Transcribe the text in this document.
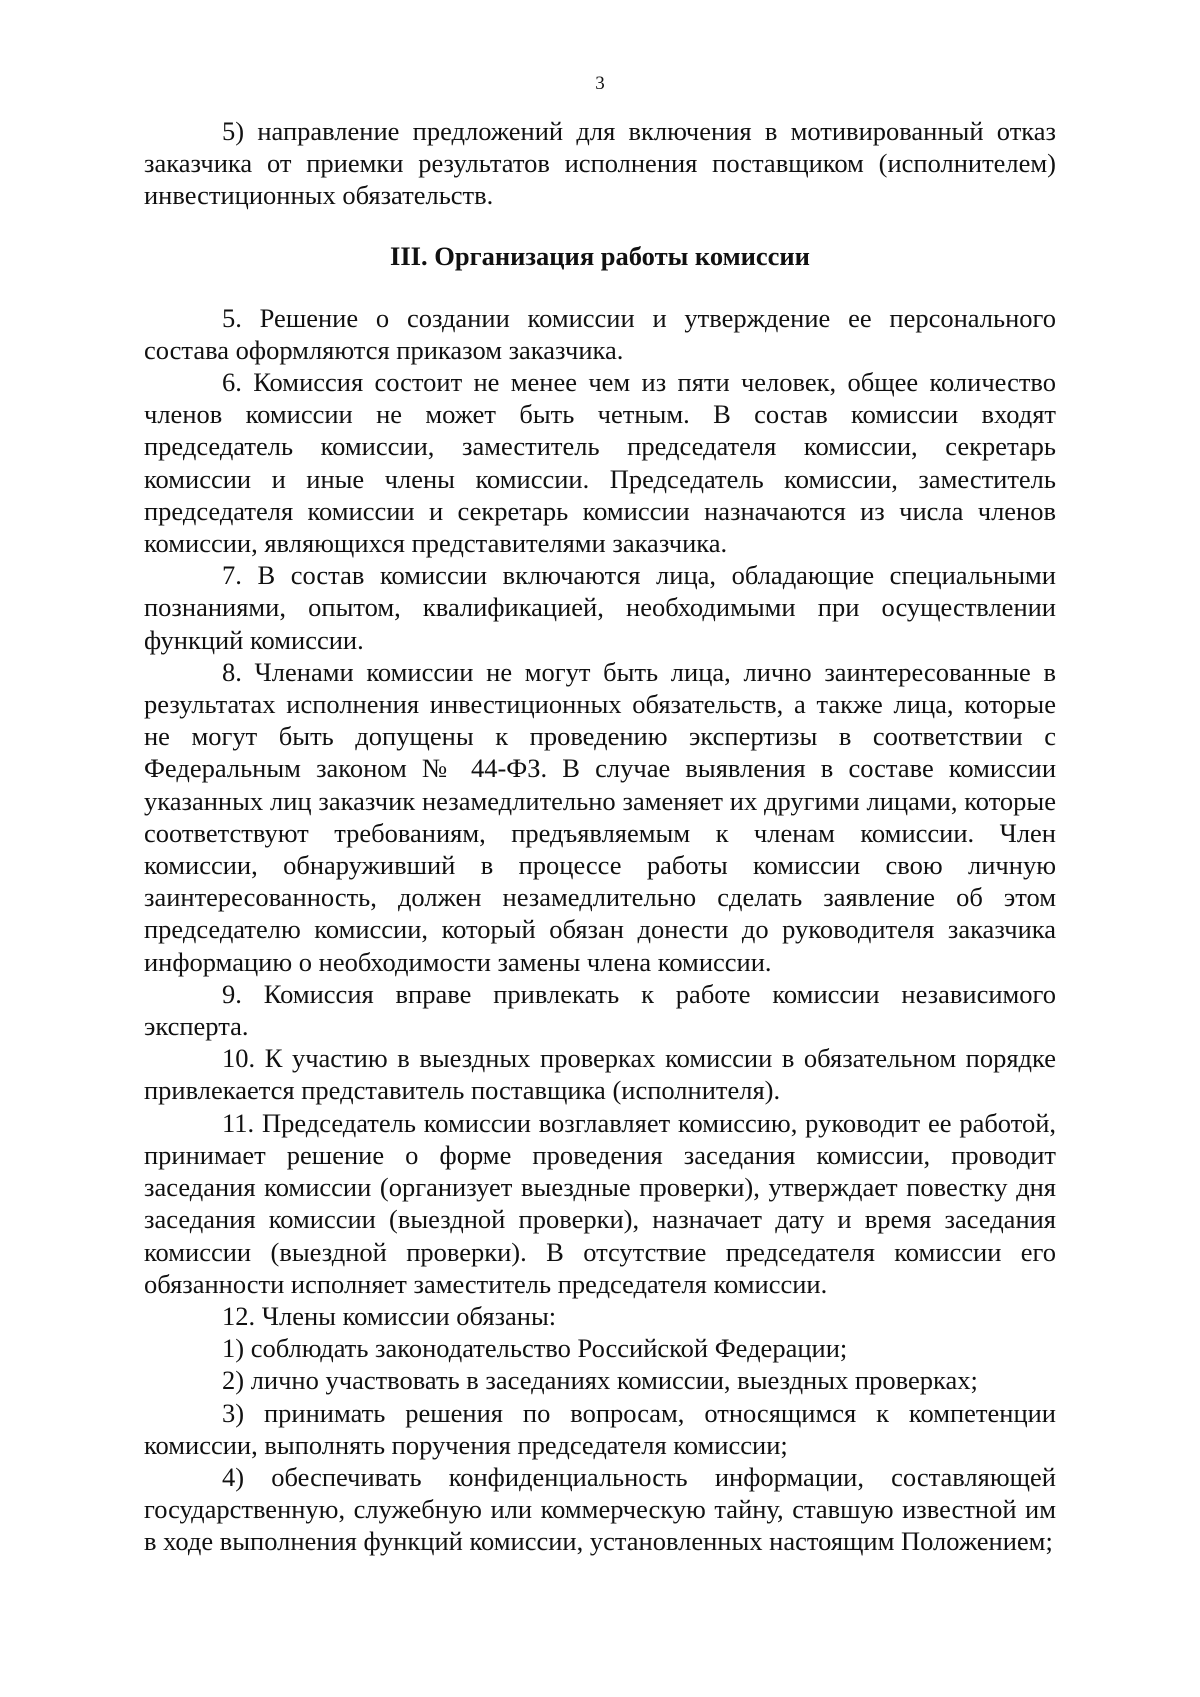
3

5) направление предложений для включения в мотивированный отказ заказчика от приемки результатов исполнения поставщиком (исполнителем) инвестиционных обязательств.

III. Организация работы комиссии

5. Решение о создании комиссии и утверждение ее персонального состава оформляются приказом заказчика.

6. Комиссия состоит не менее чем из пяти человек, общее количество членов комиссии не может быть четным. В состав комиссии входят председатель комиссии, заместитель председателя комиссии, секретарь комиссии и иные члены комиссии. Председатель комиссии, заместитель председателя комиссии и секретарь комиссии назначаются из числа членов комиссии, являющихся представителями заказчика.

7. В состав комиссии включаются лица, обладающие специальными познаниями, опытом, квалификацией, необходимыми при осуществлении функций комиссии.

8. Членами комиссии не могут быть лица, лично заинтересованные в результатах исполнения инвестиционных обязательств, а также лица, которые не могут быть допущены к проведению экспертизы в соответствии с Федеральным законом № 44-ФЗ. В случае выявления в составе комиссии указанных лиц заказчик незамедлительно заменяет их другими лицами, которые соответствуют требованиям, предъявляемым к членам комиссии. Член комиссии, обнаруживший в процессе работы комиссии свою личную заинтересованность, должен незамедлительно сделать заявление об этом председателю комиссии, который обязан донести до руководителя заказчика информацию о необходимости замены члена комиссии.

9. Комиссия вправе привлекать к работе комиссии независимого эксперта.

10. К участию в выездных проверках комиссии в обязательном порядке привлекается представитель поставщика (исполнителя).

11. Председатель комиссии возглавляет комиссию, руководит ее работой, принимает решение о форме проведения заседания комиссии, проводит заседания комиссии (организует выездные проверки), утверждает повестку дня заседания комиссии (выездной проверки), назначает дату и время заседания комиссии (выездной проверки). В отсутствие председателя комиссии его обязанности исполняет заместитель председателя комиссии.

12. Члены комиссии обязаны:

1) соблюдать законодательство Российской Федерации;

2) лично участвовать в заседаниях комиссии, выездных проверках;

3) принимать решения по вопросам, относящимся к компетенции комиссии, выполнять поручения председателя комиссии;

4) обеспечивать конфиденциальность информации, составляющей государственную, служебную или коммерческую тайну, ставшую известной им в ходе выполнения функций комиссии, установленных настоящим Положением;
